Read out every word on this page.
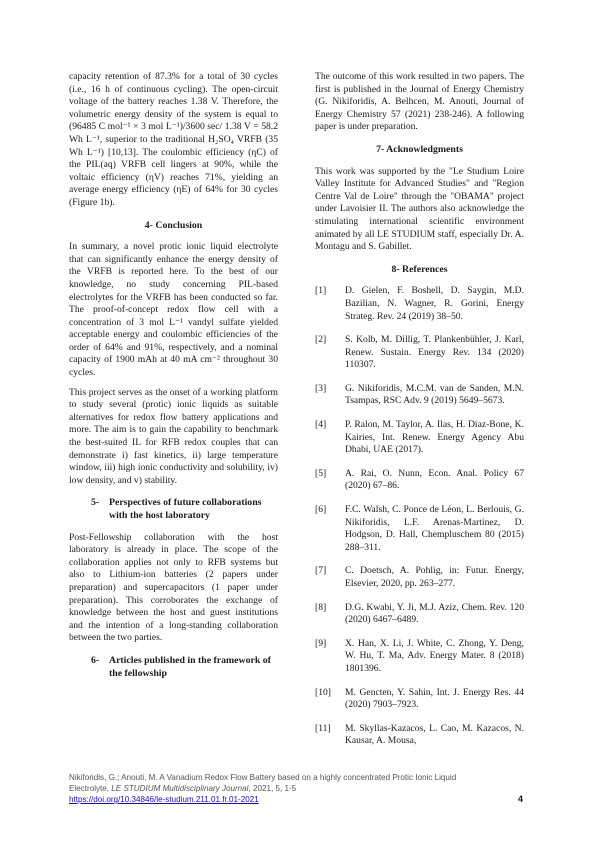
capacity retention of 87.3% for a total of 30 cycles (i.e., 16 h of continuous cycling). The open-circuit voltage of the battery reaches 1.38 V. Therefore, the volumetric energy density of the system is equal to (96485 C mol⁻¹ × 3 mol L⁻¹)/3600 sec/ 1.38 V = 58.2 Wh L⁻¹, superior to the traditional H₂SO₄ VRFB (35 Wh L⁻¹) [10,13]. The coulombic efficiency (ηC) of the PIL(aq) VRFB cell lingers at 90%, while the voltaic efficiency (ηV) reaches 71%, yielding an average energy efficiency (ηE) of 64% for 30 cycles (Figure 1b).

4- Conclusion

In summary, a novel protic ionic liquid electrolyte that can significantly enhance the energy density of the VRFB is reported here. To the best of our knowledge, no study concerning PIL-based electrolytes for the VRFB has been conducted so far. The proof-of-concept redox flow cell with a concentration of 3 mol L⁻¹ vandyl sulfate yielded acceptable energy and coulombic efficiencies of the order of 64% and 91%, respectively, and a nominal capacity of 1900 mAh at 40 mA cm⁻² throughout 30 cycles.

This project serves as the onset of a working platform to study several (protic) ionic liquids as suitable alternatives for redox flow battery applications and more. The aim is to gain the capability to benchmark the best-suited IL for RFB redox couples that can demonstrate i) fast kinetics, ii) large temperature window, iii) high ionic conductivity and solubility, iv) low density, and v) stability.

5- Perspectives of future collaborations with the host laboratory

Post-Fellowship collaboration with the host laboratory is already in place. The scope of the collaboration applies not only to RFB systems but also to Lithium-ion batteries (2 papers under preparation) and supercapacitors (1 paper under preparation). This corroborates the exchange of knowledge between the host and guest institutions and the intention of a long-standing collaboration between the two parties.

6- Articles published in the framework of the fellowship

The outcome of this work resulted in two papers. The first is published in the Journal of Energy Chemistry (G. Nikiforidis, A. Belhcen, M. Anouti, Journal of Energy Chemistry 57 (2021) 238-246). A following paper is under preparation.

7- Acknowledgments

This work was supported by the "Le Studium Loire Valley Institute for Advanced Studies" and "Region Centre Val de Loire" through the "OBAMA" project under Lavoisier II. The authors also acknowledge the stimulating international scientific environment animated by all LE STUDIUM staff, especially Dr. A. Montagu and S. Gabillet.

8- References
[1]	D. Gielen, F. Boshell, D. Saygin, M.D. Bazilian, N. Wagner, R. Gorini, Energy Strateg. Rev. 24 (2019) 38–50.
[2]	S. Kolb, M. Dillig, T. Plankenbühler, J. Karl, Renew. Sustain. Energy Rev. 134 (2020) 110307.
[3]	G. Nikiforidis, M.C.M. van de Sanden, M.N. Tsampas, RSC Adv. 9 (2019) 5649–5673.
[4]	P. Ralon, M. Taylor, A. Ilas, H. Diaz-Bone, K. Kairies, Int. Renew. Energy Agency Abu Dhabi, UAE (2017).
[5]	A. Rai, O. Nunn, Econ. Anal. Policy 67 (2020) 67–86.
[6]	F.C. Walsh, C. Ponce de Léon, L. Berlouis, G. Nikiforidis, L.F. Arenas-Martínez, D. Hodgson, D. Hall, Chempluschem 80 (2015) 288–311.
[7]	C. Doetsch, A. Pohlig, in: Futur. Energy, Elsevier, 2020, pp. 263–277.
[8]	D.G. Kwabi, Y. Ji, M.J. Aziz, Chem. Rev. 120 (2020) 6467–6489.
[9]	X. Han, X. Li, J. White, C. Zhong, Y. Deng, W. Hu, T. Ma, Adv. Energy Mater. 8 (2018) 1801396.
[10]	M. Gencten, Y. Sahin, Int. J. Energy Res. 44 (2020) 7903–7923.
[11]	M. Skyllas-Kazacos, L. Cao, M. Kazacos, N. Kausar, A. Mousa,
Nikiforidis, G.; Anouti, M. A Vanadium Redox Flow Battery based on a highly concentrated Protic Ionic Liquid
Electrolyte, LE STUDIUM Multidisciplinary Journal, 2021, 5, 1-5
https://doi.org/10.34846/le-studium.211.01.fr.01-2021	4
